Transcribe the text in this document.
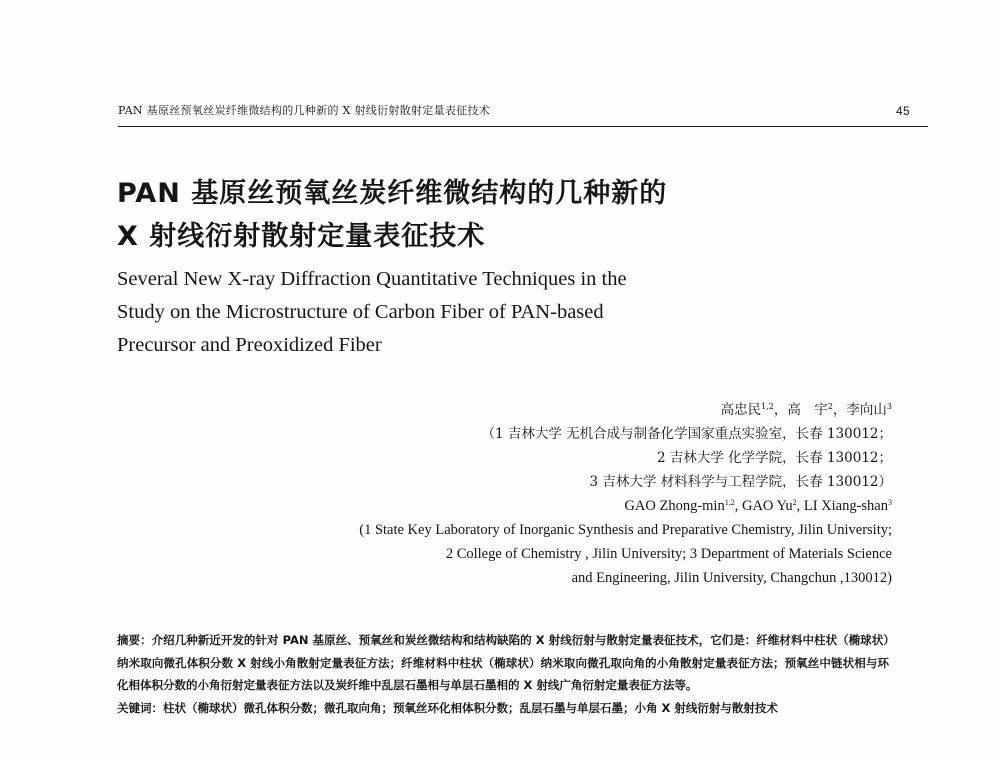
PAN 基原丝预氧丝炭纤维微结构的几种新的 X 射线衍射散射定量表征技术	45
PAN 基原丝预氧丝炭纤维微结构的几种新的
X 射线衍射散射定量表征技术
Several New X-ray Diffraction Quantitative Techniques in the
Study on the Microstructure of Carbon Fiber of PAN-based
Precursor and Preoxidized Fiber
高忠民$^{1,2}$，高　宇$^2$，李向山$^3$
（1 吉林大学 无机合成与制备化学国家重点实验室，长春 130012；
2 吉林大学 化学学院，长春 130012；
3 吉林大学 材料科学与工程学院，长春 130012）
GAO Zhong-$\min^{1,2}$, GAO Yu$^2$, LI Xiang-shan$^3$
(1 State Key Laboratory of Inorganic Synthesis and Preparative Chemistry, Jilin University;
2 College of Chemistry , Jilin University; 3 Department of Materials Science
and Engineering, Jilin University, Changchun ,130012)

摘要：介绍几种新近开发的针对 PAN 基原丝、预氧丝和炭丝微结构和结构缺陷的 X 射线衍射与散射定量表征技术，它们是：纤维材料中柱状（椭球状）纳米取向微孔体积分数 X 射线小角散射定量表征方法；纤维材料中柱状（椭球状）纳米取向微孔取向角的小角散射定量表征方法；预氧丝中链状相与环化相体积分数的小角衍射定量表征方法以及炭纤维中乱层石墨相与单层石墨相的 X 射线广角衍射定量表征方法等。

关键词：柱状（椭球状）微孔体积分数；微孔取向角；预氧丝环化相体积分数；乱层石墨与单层石墨；小角 X 射线衍射与散射技术
